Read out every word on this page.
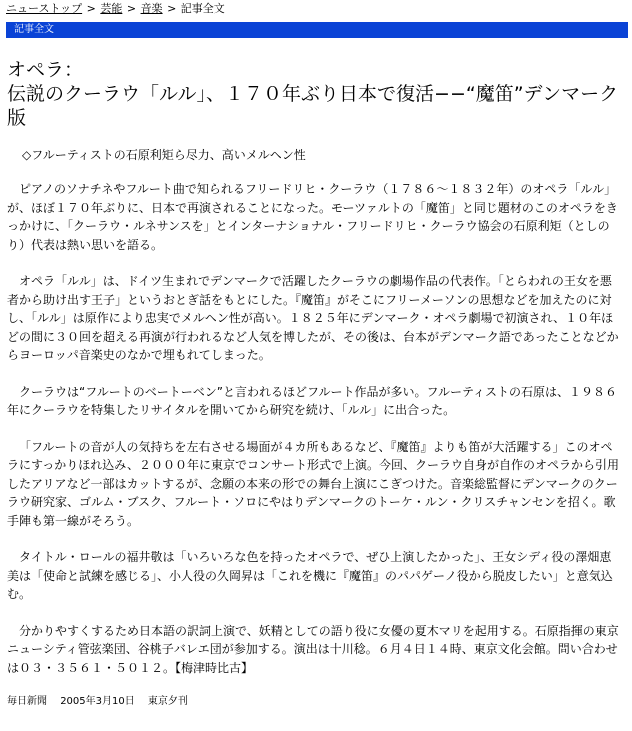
ニューストップ > 芸能 > 音楽 > 記事全文
記事全文
オペラ：
伝説のクーラウ「ルル」、１７０年ぶり日本で復活−−“魔笛”デンマーク版
◇フルーティストの石原利矩ら尽力、高いメルヘン性

ピアノのソナチネやフルート曲で知られるフリードリヒ・クーラウ（１７８６〜１８３２年）のオペラ「ルル」が、ほぼ１７０年ぶりに、日本で再演されることになった。モーツァルトの「魔笛」と同じ題材のこのオペラをきっかけに、「クーラウ・ルネサンスを」とインターナショナル・フリードリヒ・クーラウ協会の石原利矩（としのり）代表は熱い思いを語る。

オペラ「ルル」は、ドイツ生まれでデンマークで活躍したクーラウの劇場作品の代表作。「とらわれの王女を悪者から助け出す王子」というおとぎ話をもとにした。『魔笛』がそこにフリーメーソンの思想などを加えたのに対し、「ルル」は原作により忠実でメルヘン性が高い。１８２５年にデンマーク・オペラ劇場で初演され、１０年ほどの間に３０回を超える再演が行われるなど人気を博したが、その後は、台本がデンマーク語であったことなどからヨーロッパ音楽史のなかで埋もれてしまった。

クーラウは“フルートのベートーベン”と言われるほどフルート作品が多い。フルーティストの石原は、１９８６年にクーラウを特集したリサイタルを開いてから研究を続け、「ルル」に出合った。

「フルートの音が人の気持ちを左右させる場面が４カ所もあるなど、『魔笛』よりも笛が大活躍する」このオペラにすっかりほれ込み、２０００年に東京でコンサート形式で上演。今回、クーラウ自身が自作のオペラから引用したアリアなど一部はカットするが、念願の本来の形での舞台上演にこぎつけた。音楽総監督にデンマークのクーラウ研究家、ゴルム・ブスク、フルート・ソロにやはりデンマークのトーケ・ルン・クリスチャンセンを招く。歌手陣も第一線がそろう。

タイトル・ロールの福井敬は「いろいろな色を持ったオペラで、ぜひ上演したかった」、王女シディ役の澤畑恵美は「使命と試練を感じる」、小人役の久岡昇は「これを機に『魔笛』のパパゲーノ役から脱皮したい」と意気込む。

分かりやすくするため日本語の訳詞上演で、妖精としての語り役に女優の夏木マリを起用する。石原指揮の東京ニューシティ管弦楽団、谷桃子バレエ団が参加する。演出は十川稔。６月４日１４時、東京文化会館。問い合わせは０３・３５６１・５０１２。【梅津時比古】

毎日新聞 2005年3月10日 東京夕刊
